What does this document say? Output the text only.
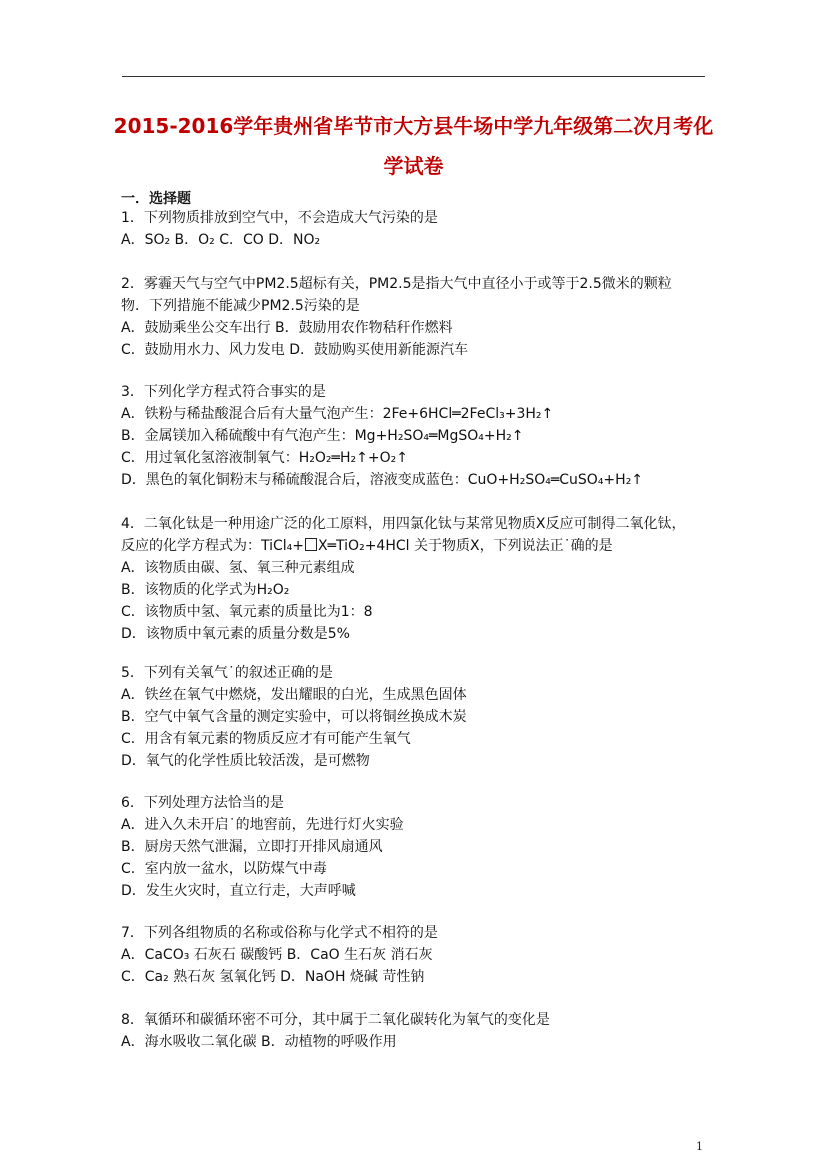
2015-2016学年贵州省毕节市大方县牛场中学九年级第二次月考化
学试卷
一．选择题
1．下列物质排放到空气中，不会造成大气污染的是
A．SO₂ B．O₂ C．CO D．NO₂
2．雾霾天气与空气中PM2.5超标有关，PM2.5是指大气中直径小于或等于2.5微米的颗粒
物．下列措施不能减少PM2.5污染的是
A．鼓励乘坐公交车出行 B．鼓励用农作物秸秆作燃料
C．鼓励用水力、风力发电 D．鼓励购买使用新能源汽车
3．下列化学方程式符合事实的是
A．铁粉与稀盐酸混合后有大量气泡产生：2Fe+6HCl═2FeCl₃+3H₂↑
B．金属镁加入稀硫酸中有气泡产生：Mg+H₂SO₄═MgSO₄+H₂↑
C．用过氧化氢溶液制氧气：H₂O₂═H₂↑+O₂↑
D．黑色的氧化铜粉末与稀硫酸混合后，溶液变成蓝色：CuO+H₂SO₄═CuSO₄+H₂↑
4．二氧化钛是一种用途广泛的化工原料，用四氯化钛与某常见物质X反应可制得二氧化钛，
反应的化学方程式为：TiCl₄+ X═TiO₂+4HCl 关于物质X，下列说法正˙确的是
A．该物质由碳、氢、氧三种元素组成
B．该物质的化学式为H₂O₂
C．该物质中氢、氧元素的质量比为1：8
D．该物质中氧元素的质量分数是5%
5．下列有关氧气˙的叙述正确的是
A．铁丝在氧气中燃烧，发出耀眼的白光，生成黑色固体
B．空气中氧气含量的测定实验中，可以将铜丝换成木炭
C．用含有氧元素的物质反应才有可能产生氧气
D．氧气的化学性质比较活泼，是可燃物
6．下列处理方法恰当的是
A．进入久未开启˙的地窖前，先进行灯火实验
B．厨房天然气泄漏，立即打开排风扇通风
C．室内放一盆水，以防煤气中毒
D．发生火灾时，直立行走，大声呼喊
7．下列各组物质的名称或俗称与化学式不相符的是
A．CaCO₃ 石灰石 碳酸钙 B．CaO 生石灰 消石灰
C．Ca₂ 熟石灰 氢氧化钙 D．NaOH 烧碱 苛性钠
8．氧循环和碳循环密不可分，其中属于二氧化碳转化为氧气的变化是
A．海水吸收二氧化碳 B．动植物的呼吸作用
1
